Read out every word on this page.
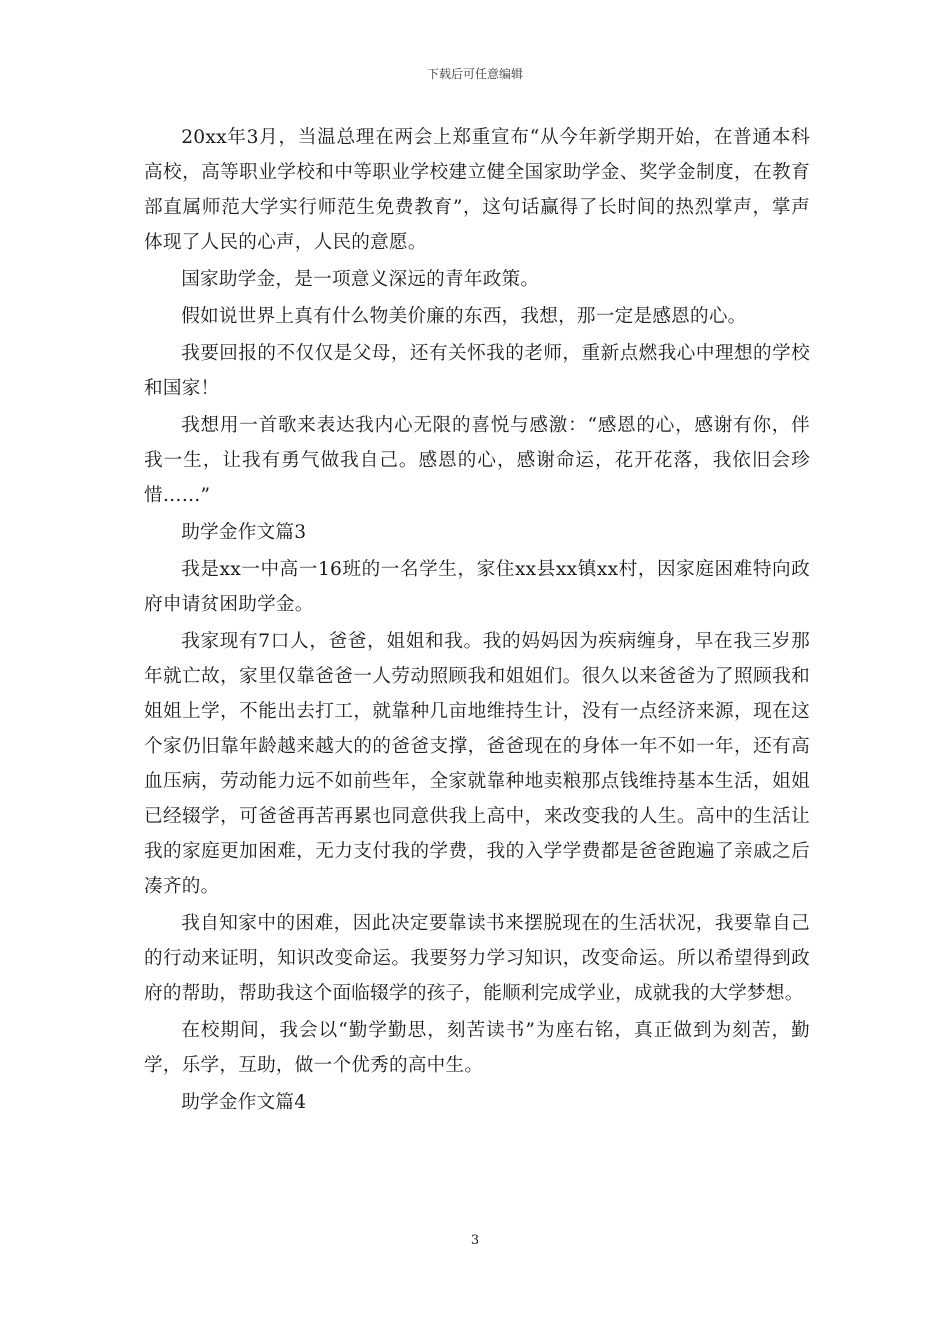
下载后可任意编辑

20xx年3月，当温总理在两会上郑重宣布“从今年新学期开始，在普通本科高校，高等职业学校和中等职业学校建立健全国家助学金、奖学金制度，在教育部直属师范大学实行师范生免费教育”，这句话赢得了长时间的热烈掌声，掌声体现了人民的心声，人民的意愿。

国家助学金，是一项意义深远的青年政策。

假如说世界上真有什么物美价廉的东西，我想，那一定是感恩的心。

我要回报的不仅仅是父母，还有关怀我的老师，重新点燃我心中理想的学校和国家！

我想用一首歌来表达我内心无限的喜悦与感激：“感恩的心，感谢有你，伴我一生，让我有勇气做我自己。感恩的心，感谢命运，花开花落，我依旧会珍惜……”

助学金作文篇3

我是xx一中高一16班的一名学生，家住xx县xx镇xx村，因家庭困难特向政府申请贫困助学金。

我家现有7口人，爸爸，姐姐和我。我的妈妈因为疾病缠身，早在我三岁那年就亡故，家里仅靠爸爸一人劳动照顾我和姐姐们。很久以来爸爸为了照顾我和姐姐上学，不能出去打工，就靠种几亩地维持生计，没有一点经济来源，现在这个家仍旧靠年龄越来越大的的爸爸支撑，爸爸现在的身体一年不如一年，还有高血压病，劳动能力远不如前些年，全家就靠种地卖粮那点钱维持基本生活，姐姐已经辍学，可爸爸再苦再累也同意供我上高中，来改变我的人生。高中的生活让我的家庭更加困难，无力支付我的学费，我的入学学费都是爸爸跑遍了亲戚之后凑齐的。

我自知家中的困难，因此决定要靠读书来摆脱现在的生活状况，我要靠自己的行动来证明，知识改变命运。我要努力学习知识，改变命运。所以希望得到政府的帮助，帮助我这个面临辍学的孩子，能顺利完成学业，成就我的大学梦想。

在校期间，我会以“勤学勤思，刻苦读书”为座右铭，真正做到为刻苦，勤学，乐学，互助，做一个优秀的高中生。

助学金作文篇4

3
